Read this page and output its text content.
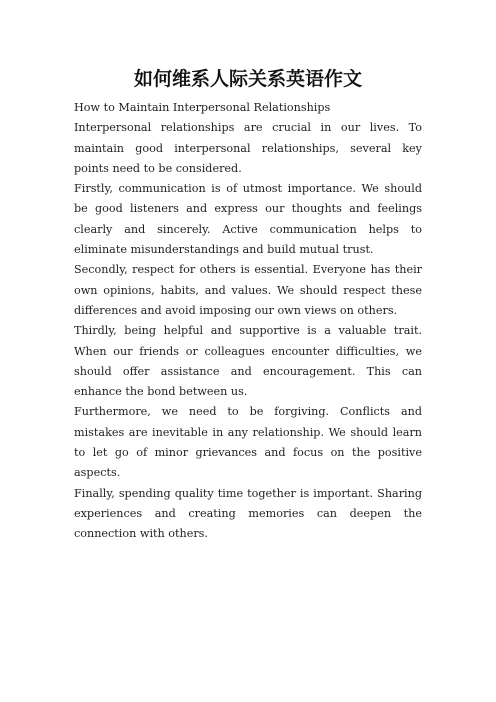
如何维系人际关系英语作文

How to Maintain Interpersonal Relationships

Interpersonal relationships are crucial in our lives. To maintain good interpersonal relationships, several key points need to be considered.

Firstly, communication is of utmost importance. We should be good listeners and express our thoughts and feelings clearly and sincerely. Active communication helps to eliminate misunderstandings and build mutual trust.

Secondly, respect for others is essential. Everyone has their own opinions, habits, and values. We should respect these differences and avoid imposing our own views on others.

Thirdly, being helpful and supportive is a valuable trait. When our friends or colleagues encounter difficulties, we should offer assistance and encouragement. This can enhance the bond between us.

Furthermore, we need to be forgiving. Conflicts and mistakes are inevitable in any relationship. We should learn to let go of minor grievances and focus on the positive aspects.

Finally, spending quality time together is important. Sharing experiences and creating memories can deepen the connection with others.
